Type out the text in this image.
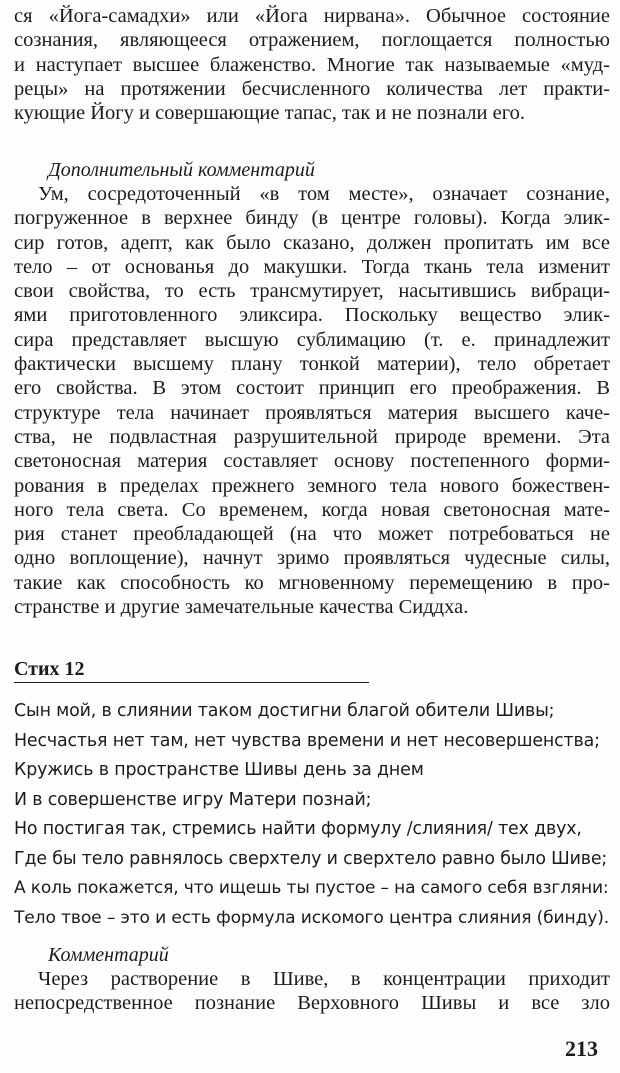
ся «Йога-самадхи» или «Йога нирвана». Обычное состояние
сознания, являющееся отражением, поглощается полностью
и наступает высшее блаженство. Многие так называемые «муд-
рецы» на протяжении бесчисленного количества лет практи-
кующие Йогу и совершающие тапас, так и не познали его.
Дополнительный комментарий
Ум, сосредоточенный «в том месте», означает сознание,
погруженное в верхнее бинду (в центре головы). Когда элик-
сир готов, адепт, как было сказано, должен пропитать им все
тело – от основанья до макушки. Тогда ткань тела изменит
свои свойства, то есть трансмутирует, насытившись вибраци-
ями приготовленного эликсира. Поскольку вещество элик-
сира представляет высшую сублимацию (т. е. принадлежит
фактически высшему плану тонкой материи), тело обретает
его свойства. В этом состоит принцип его преображения. В
структуре тела начинает проявляться материя высшего каче-
ства, не подвластная разрушительной природе времени. Эта
светоносная материя составляет основу постепенного форми-
рования в пределах прежнего земного тела нового божествен-
ного тела света. Со временем, когда новая светоносная мате-
рия станет преобладающей (на что может потребоваться не
одно воплощение), начнут зримо проявляться чудесные силы,
такие как способность ко мгновенному перемещению в про-
странстве и другие замечательные качества Сиддха.
Стих 12
Сын мой, в слиянии таком достигни благой обители Шивы;
Несчастья нет там, нет чувства времени и нет несовершенства;
Кружись в пространстве Шивы день за днем
И в совершенстве игру Матери познай;
Но постигая так, стремись найти формулу /слияния/ тех двух,
Где бы тело равнялось сверхтелу и сверхтело равно было Шиве;
А коль покажется, что ищешь ты пустое – на самого себя взгляни:
Тело твое – это и есть формула искомого центра слияния (бинду).
Комментарий
Через растворение в Шиве, в концентрации приходит
непосредственное познание Верховного Шивы и все зло
213
